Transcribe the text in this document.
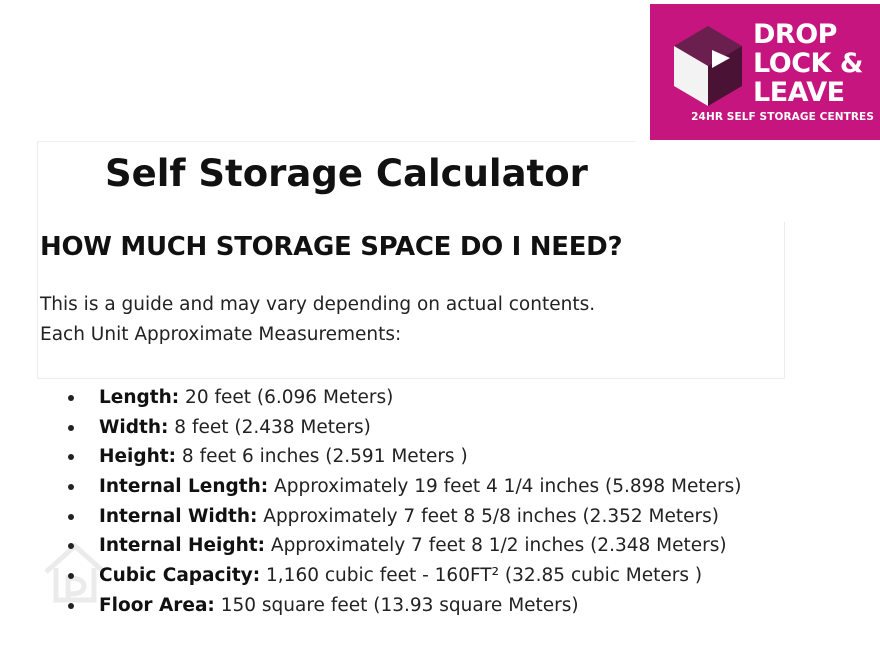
DROP
LOCK &
LEAVE
24HR SELF STORAGE CENTRES
Self Storage Calculator
HOW MUCH STORAGE SPACE DO I NEED?

This is a guide and may vary depending on actual contents.

Each Unit Approximate Measurements:

Length: 20 feet (6.096 Meters)
Width: 8 feet (2.438 Meters)
Height: 8 feet 6 inches (2.591 Meters )
Internal Length: Approximately 19 feet 4 1/4 inches (5.898 Meters)
Internal Width: Approximately 7 feet 8 5/8 inches (2.352 Meters)
Internal Height: Approximately 7 feet 8 1/2 inches (2.348 Meters)
Cubic Capacity: 1,160 cubic feet - 160FT² (32.85 cubic Meters )
Floor Area: 150 square feet (13.93 square Meters)
